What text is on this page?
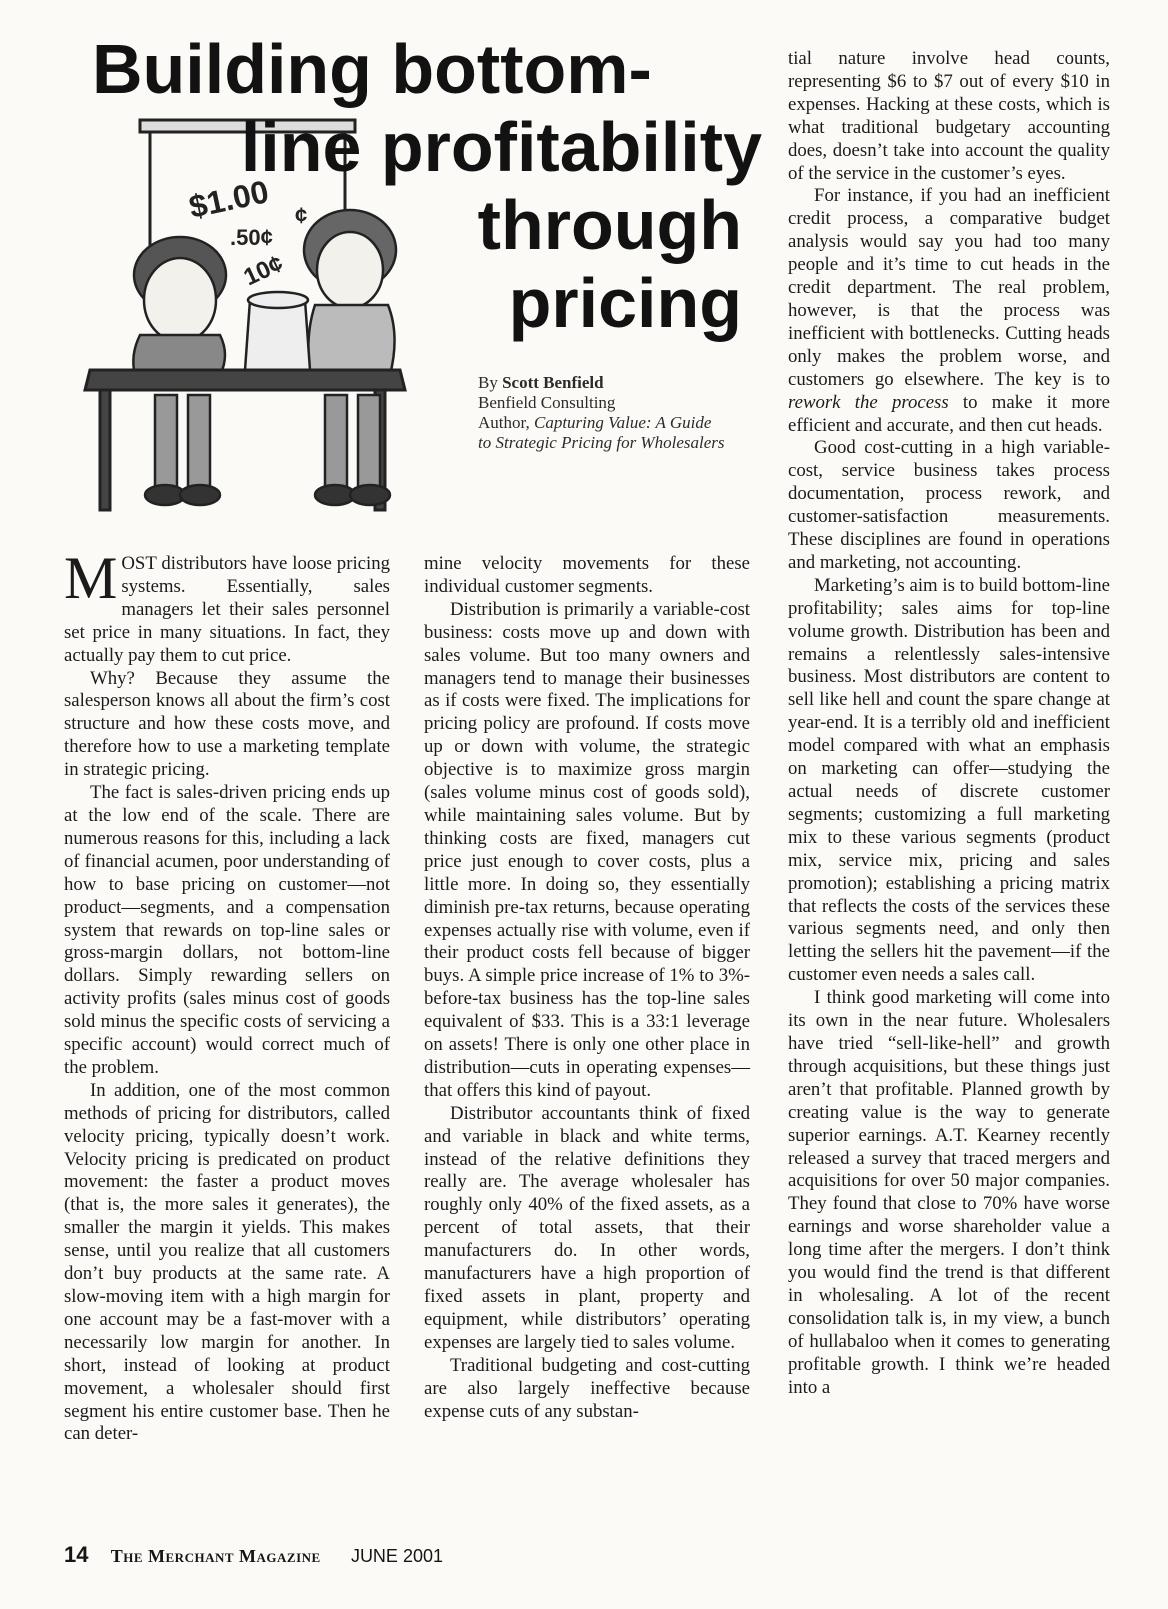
$1.00
.50¢
10¢
¢
Building bottom-
line profitability
through
pricing
By Scott Benfield
Benfield Consulting
Author, Capturing Value: A Guide
to Strategic Pricing for Wholesalers

MOST distributors have loose pricing systems. Essentially, sales managers let their sales personnel set price in many situations. In fact, they actually pay them to cut price.

Why? Because they assume the salesperson knows all about the firm’s cost structure and how these costs move, and therefore how to use a marketing template in strategic pricing.

The fact is sales-driven pricing ends up at the low end of the scale. There are numerous reasons for this, including a lack of financial acumen, poor understanding of how to base pricing on customer—not product—segments, and a compensation system that rewards on top-line sales or gross-margin dollars, not bottom-line dollars. Simply rewarding sellers on activity profits (sales minus cost of goods sold minus the specific costs of servicing a specific account) would correct much of the problem.

In addition, one of the most common methods of pricing for distributors, called velocity pricing, typically doesn’t work. Velocity pricing is predicated on product movement: the faster a product moves (that is, the more sales it generates), the smaller the margin it yields. This makes sense, until you realize that all customers don’t buy products at the same rate. A slow-moving item with a high margin for one account may be a fast-mover with a necessarily low margin for another. In short, instead of looking at product movement, a wholesaler should first segment his entire customer base. Then he can deter-

mine velocity movements for these individual customer segments.

Distribution is primarily a variable-cost business: costs move up and down with sales volume. But too many owners and managers tend to manage their businesses as if costs were fixed. The implications for pricing policy are profound. If costs move up or down with volume, the strategic objective is to maximize gross margin (sales volume minus cost of goods sold), while maintaining sales volume. But by thinking costs are fixed, managers cut price just enough to cover costs, plus a little more. In doing so, they essentially diminish pre-tax returns, because operating expenses actually rise with volume, even if their product costs fell because of bigger buys. A simple price increase of 1% to 3%-before-tax business has the top-line sales equivalent of $33. This is a 33:1 leverage on assets! There is only one other place in distribution—cuts in operating expenses—that offers this kind of payout.

Distributor accountants think of fixed and variable in black and white terms, instead of the relative definitions they really are. The average wholesaler has roughly only 40% of the fixed assets, as a percent of total assets, that their manufacturers do. In other words, manufacturers have a high proportion of fixed assets in plant, property and equipment, while distributors’ operating expenses are largely tied to sales volume.

Traditional budgeting and cost-cutting are also largely ineffective because expense cuts of any substan-

tial nature involve head counts, representing $6 to $7 out of every $10 in expenses. Hacking at these costs, which is what traditional budgetary accounting does, doesn’t take into account the quality of the service in the customer’s eyes.

For instance, if you had an inefficient credit process, a comparative budget analysis would say you had too many people and it’s time to cut heads in the credit department. The real problem, however, is that the process was inefficient with bottlenecks. Cutting heads only makes the problem worse, and customers go elsewhere. The key is to rework the process to make it more efficient and accurate, and then cut heads.

Good cost-cutting in a high variable-cost, service business takes process documentation, process rework, and customer-satisfaction measurements. These disciplines are found in operations and marketing, not accounting.

Marketing’s aim is to build bottom-line profitability; sales aims for top-line volume growth. Distribution has been and remains a relentlessly sales-intensive business. Most distributors are content to sell like hell and count the spare change at year-end. It is a terribly old and inefficient model compared with what an emphasis on marketing can offer—studying the actual needs of discrete customer segments; customizing a full marketing mix to these various segments (product mix, service mix, pricing and sales promotion); establishing a pricing matrix that reflects the costs of the services these various segments need, and only then letting the sellers hit the pavement—if the customer even needs a sales call.

I think good marketing will come into its own in the near future. Wholesalers have tried “sell-like-hell” and growth through acquisitions, but these things just aren’t that profitable. Planned growth by creating value is the way to generate superior earnings. A.T. Kearney recently released a survey that traced mergers and acquisitions for over 50 major companies. They found that close to 70% have worse earnings and worse shareholder value a long time after the mergers. I don’t think you would find the trend is that different in wholesaling. A lot of the recent consolidation talk is, in my view, a bunch of hullabaloo when it comes to generating profitable growth. I think we’re headed into a

14 The Merchant Magazine JUNE 2001
